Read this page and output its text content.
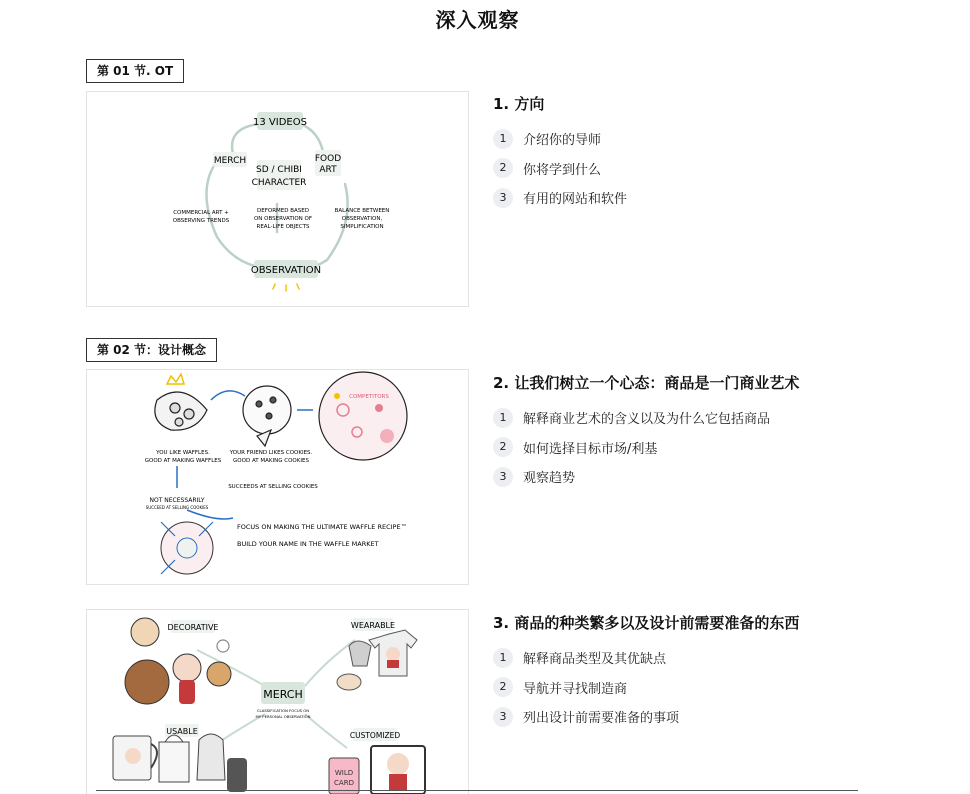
深入观察
第 01 节. OT
13 VIDEOS
MERCH
SD / CHIBI
CHARACTER
FOOD
ART
COMMERCIAL ART +
OBSERVING TRENDS
DEFORMED BASED
ON OBSERVATION OF
REAL-LIFE OBJECTS
BALANCE BETWEEN
OBSERVATION,
SIMPLIFICATION
OBSERVATION
1. 方向
1	介绍你的导师
2	你将学到什么
3	有用的网站和软件
第 02 节：设计概念
COMPETITORS
YOU LIKE WAFFLES.
GOOD AT MAKING WAFFLES
YOUR FRIEND LIKES COOKIES.
GOOD AT MAKING COOKIES
SUCCEEDS AT SELLING COOKIES
NOT NECESSARILY
SUCCEED AT SELLING COOKIES
FOCUS ON MAKING THE ULTIMATE WAFFLE RECIPE™
BUILD YOUR NAME IN THE WAFFLE MARKET
2. 让我们树立一个心态：商品是一门商业艺术
1	解释商业艺术的含义以及为什么它包括商品
2	如何选择目标市场/利基
3	观察趋势
DECORATIVE	WEARABLE
MERCH
CLASSIFICATION FOCUS ON
MY PERSONAL OBSERVATION
USABLE	CUSTOMIZED
WILD
CARD
3. 商品的种类繁多以及设计前需要准备的东西
1	解释商品类型及其优缺点
2	导航并寻找制造商
3	列出设计前需要准备的事项
